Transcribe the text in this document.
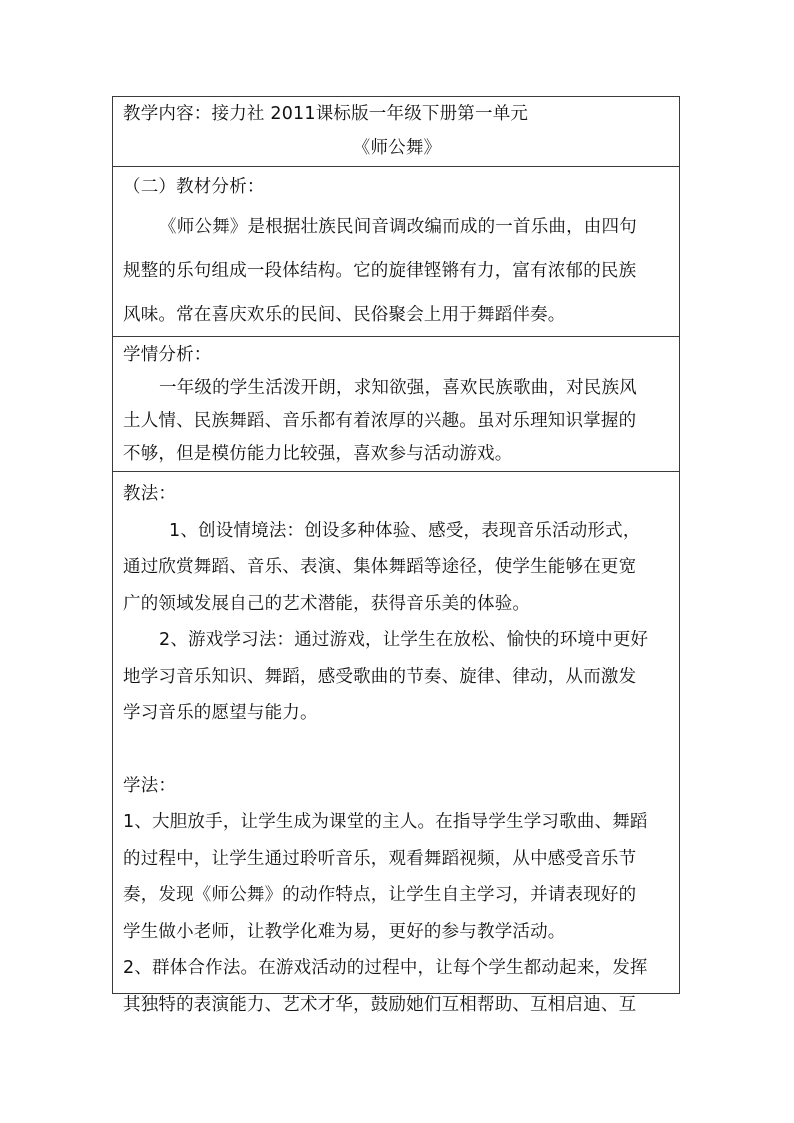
教学内容：接力社 2011课标版一年级下册第一单元
《师公舞》
（二）教材分析：
《师公舞》是根据壮族民间音调改编而成的一首乐曲，由四句
规整的乐句组成一段体结构。它的旋律铿锵有力，富有浓郁的民族
风味。常在喜庆欢乐的民间、民俗聚会上用于舞蹈伴奏。
学情分析：
一年级的学生活泼开朗，求知欲强，喜欢民族歌曲，对民族风
土人情、民族舞蹈、音乐都有着浓厚的兴趣。虽对乐理知识掌握的
不够，但是模仿能力比较强，喜欢参与活动游戏。
教法：
1、创设情境法：创设多种体验、感受，表现音乐活动形式，
通过欣赏舞蹈、音乐、表演、集体舞蹈等途径，使学生能够在更宽
广的领域发展自己的艺术潜能，获得音乐美的体验。
2、游戏学习法：通过游戏，让学生在放松、愉快的环境中更好
地学习音乐知识、舞蹈，感受歌曲的节奏、旋律、律动，从而激发
学习音乐的愿望与能力。
学法：
1、大胆放手，让学生成为课堂的主人。在指导学生学习歌曲、舞蹈
的过程中，让学生通过聆听音乐，观看舞蹈视频，从中感受音乐节
奏，发现《师公舞》的动作特点，让学生自主学习，并请表现好的
学生做小老师，让教学化难为易，更好的参与教学活动。
2、群体合作法。在游戏活动的过程中，让每个学生都动起来，发挥
其独特的表演能力、艺术才华，鼓励她们互相帮助、互相启迪、互
